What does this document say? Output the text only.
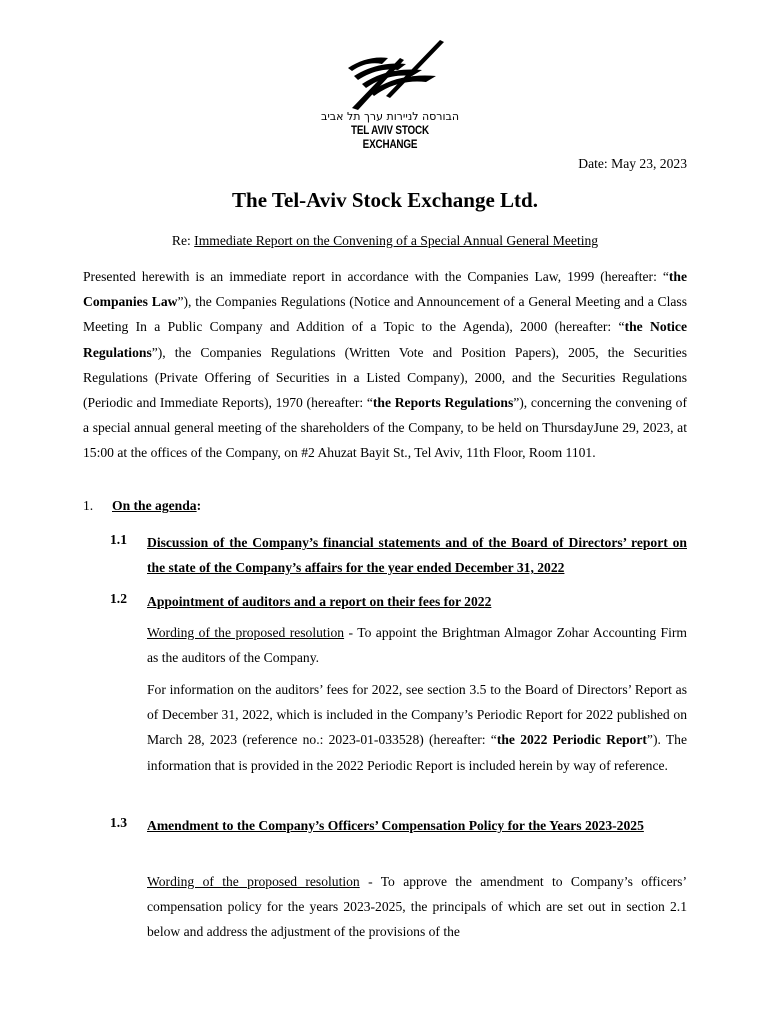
הבורסה לניירות ערך תל אביב
TEL AVIV STOCK EXCHANGE
Date: May 23, 2023
The Tel-Aviv Stock Exchange Ltd.
Re: Immediate Report on the Convening of a Special Annual General Meeting
Presented herewith is an immediate report in accordance with the Companies Law, 1999 (hereafter: “the Companies Law”), the Companies Regulations (Notice and Announcement of a General Meeting and a Class Meeting In a Public Company and Addition of a Topic to the Agenda), 2000 (hereafter: “the Notice Regulations”), the Companies Regulations (Written Vote and Position Papers), 2005, the Securities Regulations (Private Offering of Securities in a Listed Company), 2000, and the Securities Regulations (Periodic and Immediate Reports), 1970 (hereafter: “the Reports Regulations”), concerning the convening of a special annual general meeting of the shareholders of the Company, to be held on ThursdayJune 29, 2023, at 15:00 at the offices of the Company, on #2 Ahuzat Bayit St., Tel Aviv, 11th Floor, Room 1101.
1. On the agenda:
1.1 Discussion of the Company’s financial statements and of the Board of Directors’ report on the state of the Company’s affairs for the year ended December 31, 2022
1.2 Appointment of auditors and a report on their fees for 2022
Wording of the proposed resolution - To appoint the Brightman Almagor Zohar Accounting Firm as the auditors of the Company.
For information on the auditors’ fees for 2022, see section 3.5 to the Board of Directors’ Report as of December 31, 2022, which is included in the Company’s Periodic Report for 2022 published on March 28, 2023 (reference no.: 2023-01-033528) (hereafter: “the 2022 Periodic Report”). The information that is provided in the 2022 Periodic Report is included herein by way of reference.
1.3 Amendment to the Company’s Officers’ Compensation Policy for the Years 2023-2025
Wording of the proposed resolution - To approve the amendment to Company’s officers’ compensation policy for the years 2023-2025, the principals of which are set out in section 2.1 below and address the adjustment of the provisions of the
